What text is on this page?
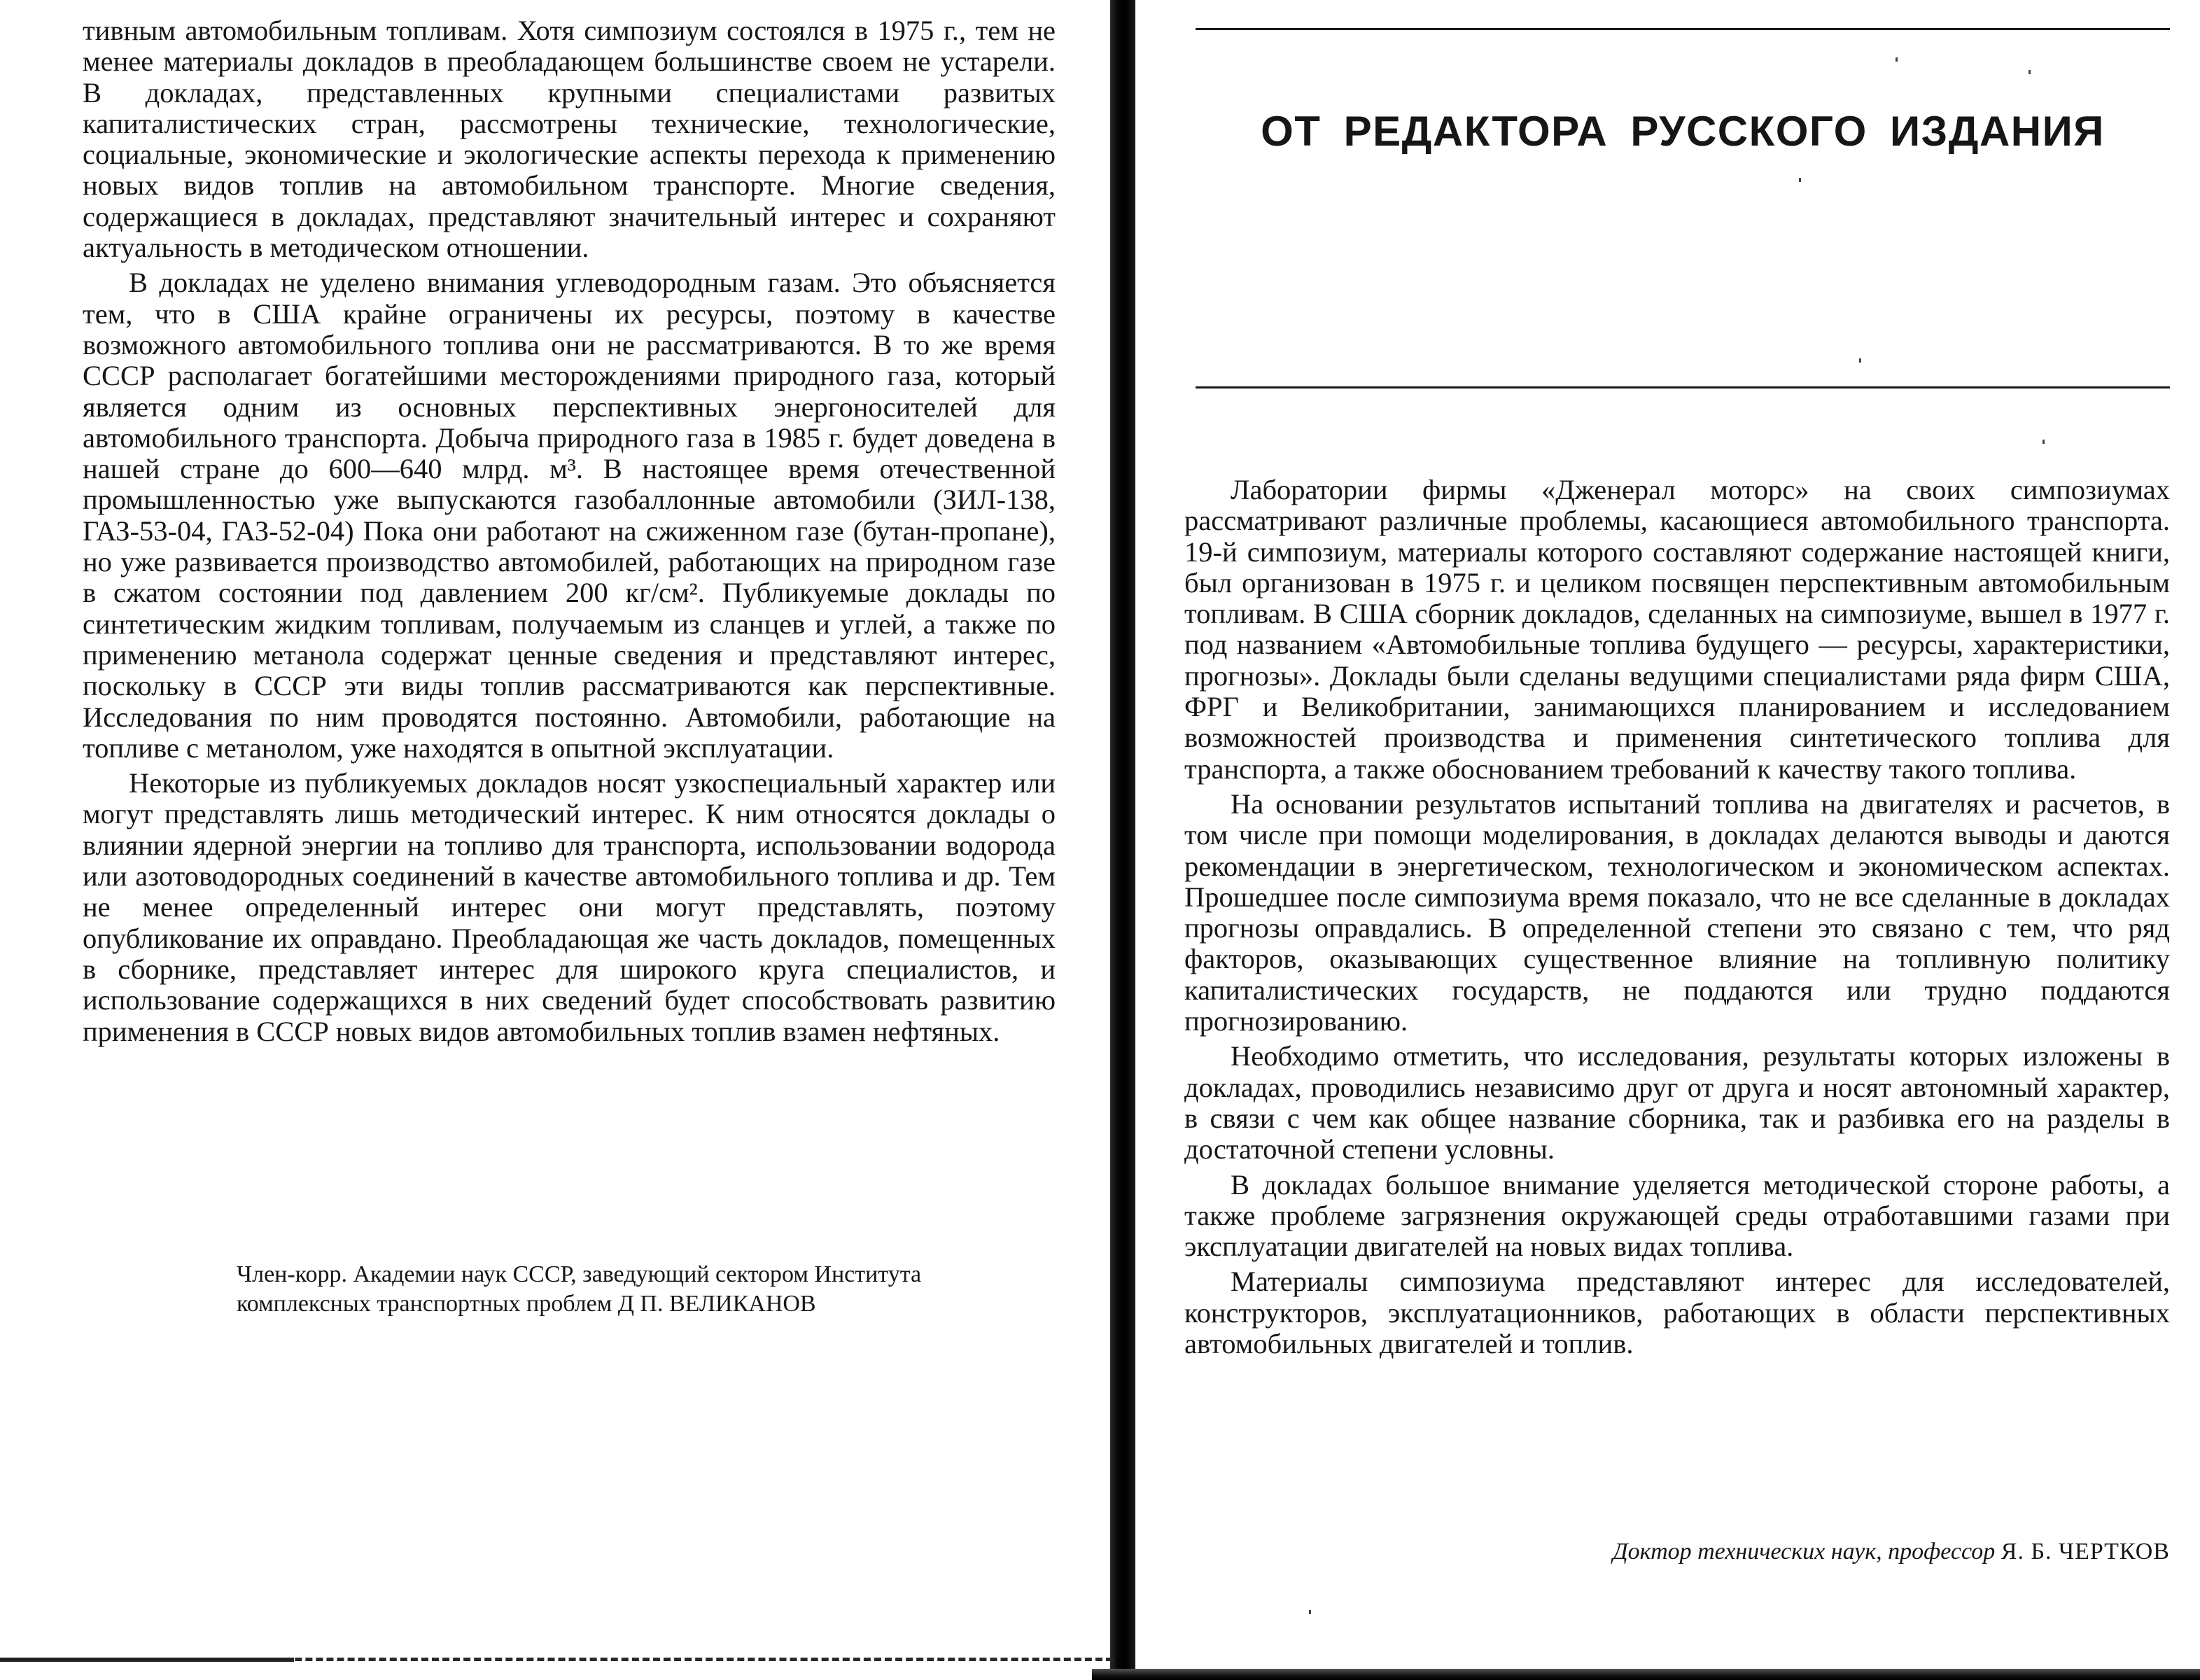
тивным автомобильным топливам. Хотя симпозиум состоялся в 1975 г., тем не менее материалы докладов в преобладающем большинстве своем не устарели. В докладах, представленных крупными специалистами развитых капиталистических стран, рассмотрены технические, технологические, социальные, экономические и экологические аспекты перехода к применению новых видов топлив на автомобильном транспорте. Многие сведения, содержащиеся в докладах, представляют значительный интерес и сохраняют актуальность в методическом отношении.

В докладах не уделено внимания углеводородным газам. Это объясняется тем, что в США крайне ограничены их ресурсы, поэтому в качестве возможного автомобильного топлива они не рассматриваются. В то же время СССР располагает богатейшими месторождениями природного газа, который является одним из основных перспективных энергоносителей для автомобильного транспорта. Добыча природного газа в 1985 г. будет доведена в нашей стране до 600—640 млрд. м³. В настоящее время отечественной промышленностью уже выпускаются газобаллонные автомобили (ЗИЛ-138, ГАЗ-53-04, ГАЗ-52-04) Пока они работают на сжиженном газе (бутан-пропане), но уже развивается производство автомобилей, работающих на природном газе в сжатом состоянии под давлением 200 кг/см². Публикуемые доклады по синтетическим жидким топливам, получаемым из сланцев и углей, а также по применению метанола содержат ценные сведения и представляют интерес, поскольку в СССР эти виды топлив рассматриваются как перспективные. Исследования по ним проводятся постоянно. Автомобили, работающие на топливе с метанолом, уже находятся в опытной эксплуатации.

Некоторые из публикуемых докладов носят узкоспециальный характер или могут представлять лишь методический интерес. К ним относятся доклады о влиянии ядерной энергии на топливо для транспорта, использовании водорода или азотоводородных соединений в качестве автомобильного топлива и др. Тем не менее определенный интерес они могут представлять, поэтому опубликование их оправдано. Преобладающая же часть докладов, помещенных в сборнике, представляет интерес для широкого круга специалистов, и использование содержащихся в них сведений будет способствовать развитию применения в СССР новых видов автомобильных топлив взамен нефтяных.

Член-корр. Академии наук СССР, заведующий сектором Института

комплексных транспортных проблем Д П. ВЕЛИКАНОВ
ОТ РЕДАКТОРА РУССКОГО ИЗДАНИЯ

Лаборатории фирмы «Дженерал моторс» на своих симпозиумах рассматривают различные проблемы, касающиеся автомобильного транспорта. 19-й симпозиум, материалы которого составляют содержание настоящей книги, был организован в 1975 г. и целиком посвящен перспективным автомобильным топливам. В США сборник докладов, сделанных на симпозиуме, вышел в 1977 г. под названием «Автомобильные топлива будущего — ресурсы, характеристики, прогнозы». Доклады были сделаны ведущими специалистами ряда фирм США, ФРГ и Великобритании, занимающихся планированием и исследованием возможностей производства и применения синтетического топлива для транспорта, а также обоснованием требований к качеству такого топлива.

На основании результатов испытаний топлива на двигателях и расчетов, в том числе при помощи моделирования, в докладах делаются выводы и даются рекомендации в энергетическом, технологическом и экономическом аспектах. Прошедшее после симпозиума время показало, что не все сделанные в докладах прогнозы оправдались. В определенной степени это связано с тем, что ряд факторов, оказывающих существенное влияние на топливную политику капиталистических государств, не поддаются или трудно поддаются прогнозированию.

Необходимо отметить, что исследования, результаты которых изложены в докладах, проводились независимо друг от друга и носят автономный характер, в связи с чем как общее название сборника, так и разбивка его на разделы в достаточной степени условны.

В докладах большое внимание уделяется методической стороне работы, а также проблеме загрязнения окружающей среды отработавшими газами при эксплуатации двигателей на новых видах топлива.

Материалы симпозиума представляют интерес для исследователей, конструкторов, эксплуатационников, работающих в области перспективных автомобильных двигателей и топлив.

Доктор технических наук, профессор Я. Б. ЧЕРТКОВ
